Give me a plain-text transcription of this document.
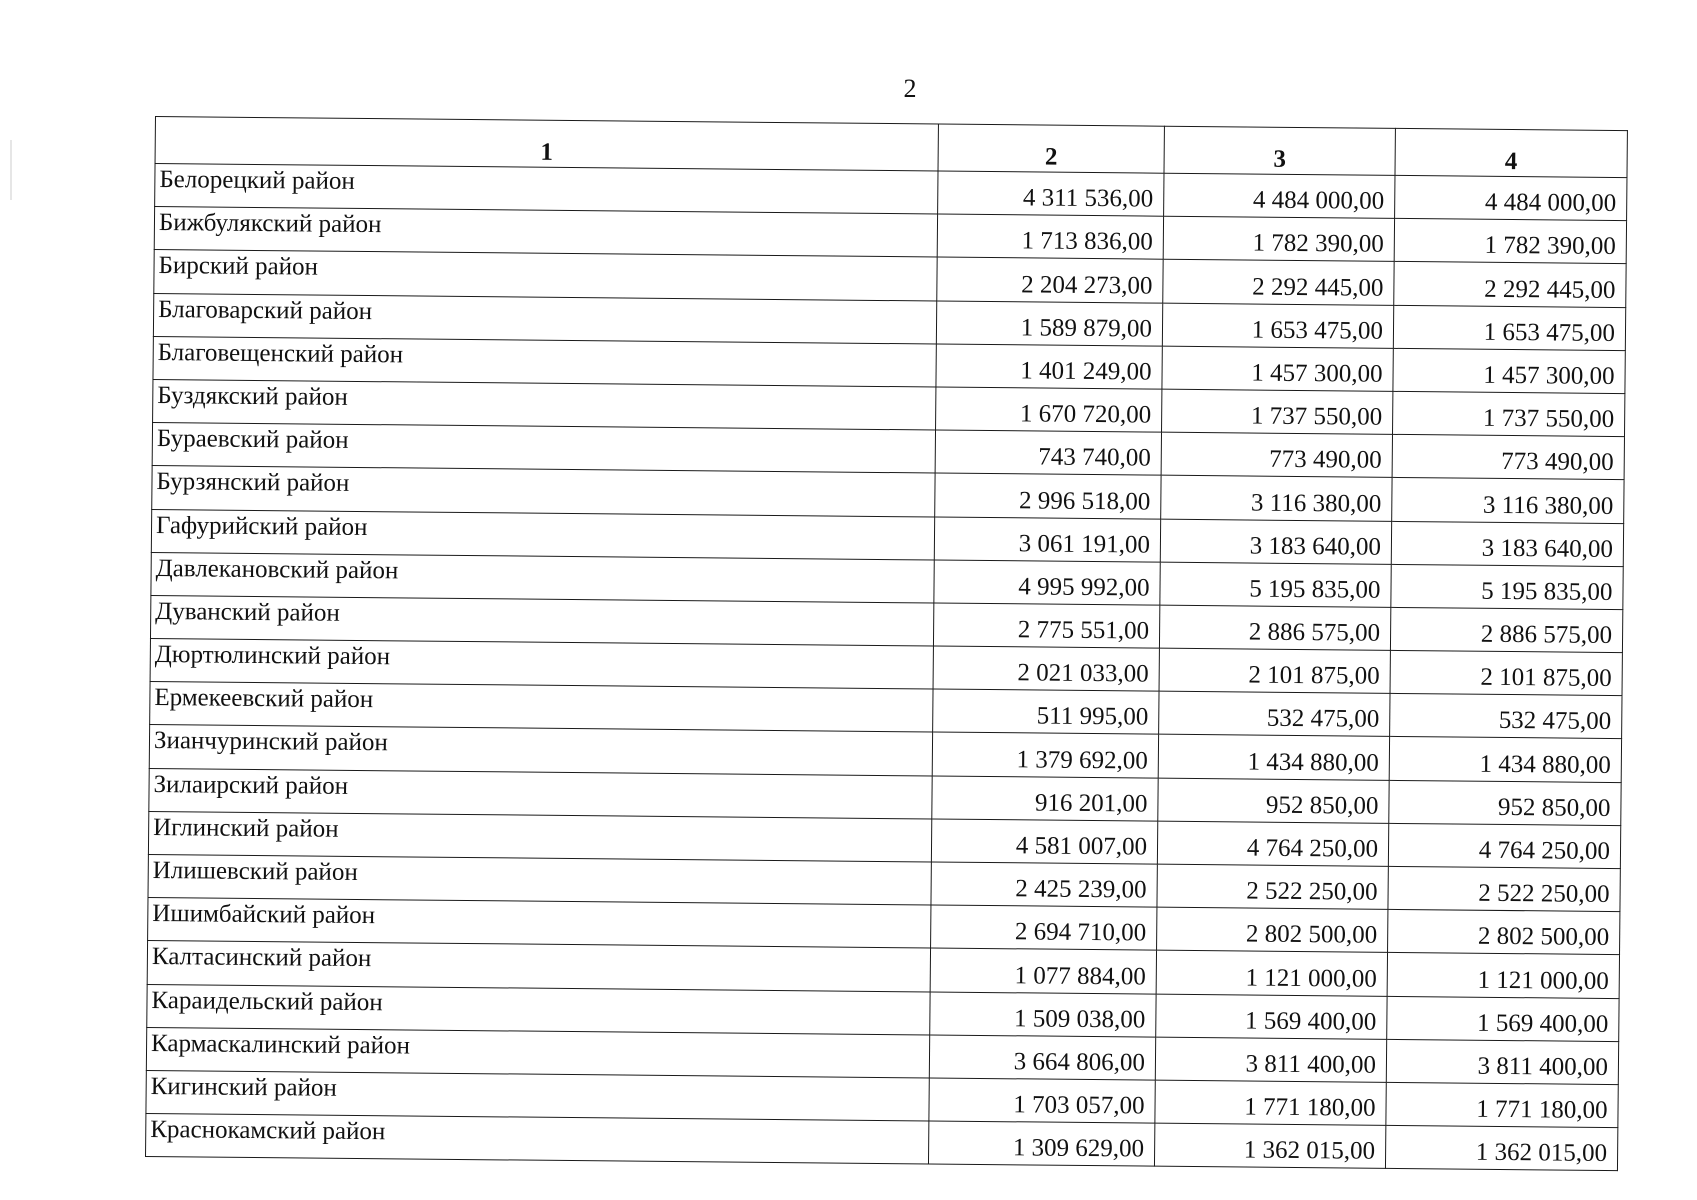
2
1	2	3	4
Белорецкий район	4 311 536,00	4 484 000,00	4 484 000,00
Бижбулякский район	1 713 836,00	1 782 390,00	1 782 390,00
Бирский район	2 204 273,00	2 292 445,00	2 292 445,00
Благоварский район	1 589 879,00	1 653 475,00	1 653 475,00
Благовещенский район	1 401 249,00	1 457 300,00	1 457 300,00
Буздякский район	1 670 720,00	1 737 550,00	1 737 550,00
Бураевский район	743 740,00	773 490,00	773 490,00
Бурзянский район	2 996 518,00	3 116 380,00	3 116 380,00
Гафурийский район	3 061 191,00	3 183 640,00	3 183 640,00
Давлекановский район	4 995 992,00	5 195 835,00	5 195 835,00
Дуванский район	2 775 551,00	2 886 575,00	2 886 575,00
Дюртюлинский район	2 021 033,00	2 101 875,00	2 101 875,00
Ермекеевский район	511 995,00	532 475,00	532 475,00
Зианчуринский район	1 379 692,00	1 434 880,00	1 434 880,00
Зилаирский район	916 201,00	952 850,00	952 850,00
Иглинский район	4 581 007,00	4 764 250,00	4 764 250,00
Илишевский район	2 425 239,00	2 522 250,00	2 522 250,00
Ишимбайский район	2 694 710,00	2 802 500,00	2 802 500,00
Калтасинский район	1 077 884,00	1 121 000,00	1 121 000,00
Караидельский район	1 509 038,00	1 569 400,00	1 569 400,00
Кармаскалинский район	3 664 806,00	3 811 400,00	3 811 400,00
Кигинский район	1 703 057,00	1 771 180,00	1 771 180,00
Краснокамский район	1 309 629,00	1 362 015,00	1 362 015,00
